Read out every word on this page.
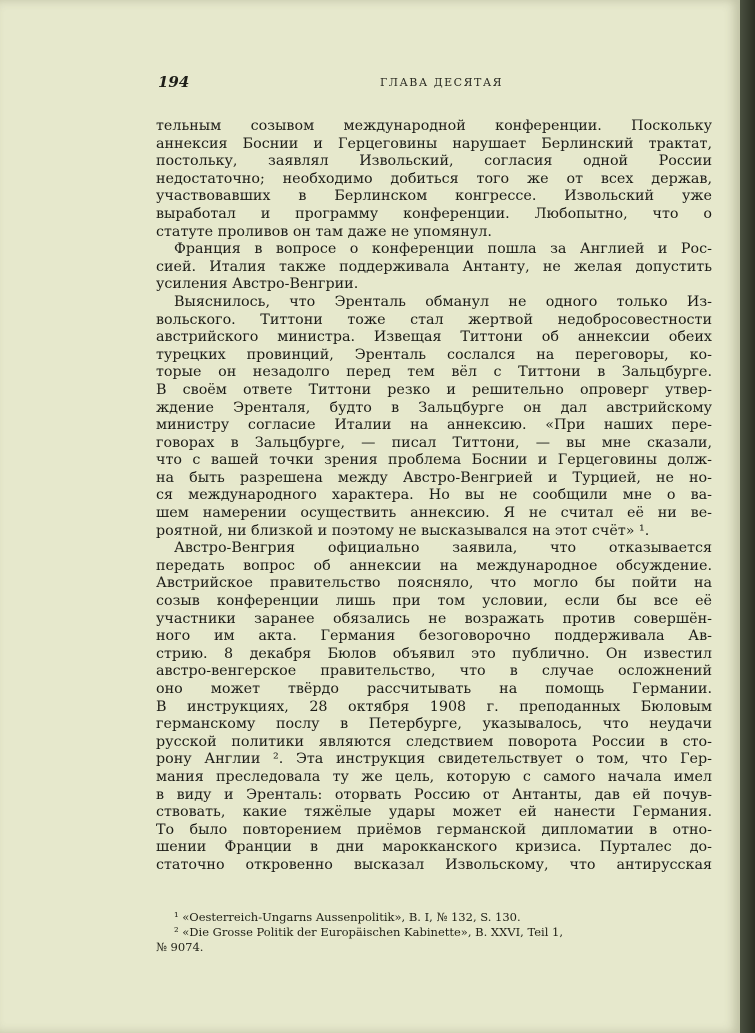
194	ГЛАВА ДЕСЯТАЯ
тельным созывом международной конференции. Поскольку
аннексия Боснии и Герцеговины нарушает Берлинский трактат,
постольку, заявлял Извольский, согласия одной России
недостаточно; необходимо добиться того же от всех держав,
участвовавших в Берлинском конгрессе. Извольский уже
выработал и программу конференции. Любопытно, что о
статуте проливов он там даже не упомянул.
Франция в вопросе о конференции пошла за Англией и Рос-
сией. Италия также поддерживала Антанту, не желая допустить
усиления Австро-Венгрии.
Выяснилось, что Эренталь обманул не одного только Из-
вольского. Титтони тоже стал жертвой недобросовестности
австрийского министра. Извещая Титтони об аннексии обеих
турецких провинций, Эренталь сослался на переговоры, ко-
торые он незадолго перед тем вёл с Титтони в Зальцбурге.
В своём ответе Титтони резко и решительно опроверг утвер-
ждение Эренталя, будто в Зальцбурге он дал австрийскому
министру согласие Италии на аннексию. «При наших пере-
говорах в Зальцбурге, — писал Титтони, — вы мне сказали,
что с вашей точки зрения проблема Боснии и Герцеговины долж-
на быть разрешена между Австро-Венгрией и Турцией, не но-
ся международного характера. Но вы не сообщили мне о ва-
шем намерении осуществить аннексию. Я не считал её ни ве-
роятной, ни близкой и поэтому не высказывался на этот счёт» ¹.
Австро-Венгрия официально заявила, что отказывается
передать вопрос об аннексии на международное обсуждение.
Австрийское правительство поясняло, что могло бы пойти на
созыв конференции лишь при том условии, если бы все её
участники заранее обязались не возражать против совершён-
ного им акта. Германия безоговорочно поддерживала Ав-
стрию. 8 декабря Бюлов объявил это публично. Он известил
австро-венгерское правительство, что в случае осложнений
оно может твёрдо рассчитывать на помощь Германии.
В инструкциях, 28 октября 1908 г. преподанных Бюловым
германскому послу в Петербурге, указывалось, что неудачи
русской политики являются следствием поворота России в сто-
рону Англии ². Эта инструкция свидетельствует о том, что Гер-
мания преследовала ту же цель, которую с самого начала имел
в виду и Эренталь: оторвать Россию от Антанты, дав ей почув-
ствовать, какие тяжёлые удары может ей нанести Германия.
То было повторением приёмов германской дипломатии в отно-
шении Франции в дни марокканского кризиса. Пурталес до-
статочно откровенно высказал Извольскому, что антирусская
¹ «Oesterreich-Ungarns Aussenpolitik», B. I, № 132, S. 130.
² «Die Grosse Politik der Europäischen Kabinette», B. XXVI, Teil 1,
№ 9074.
